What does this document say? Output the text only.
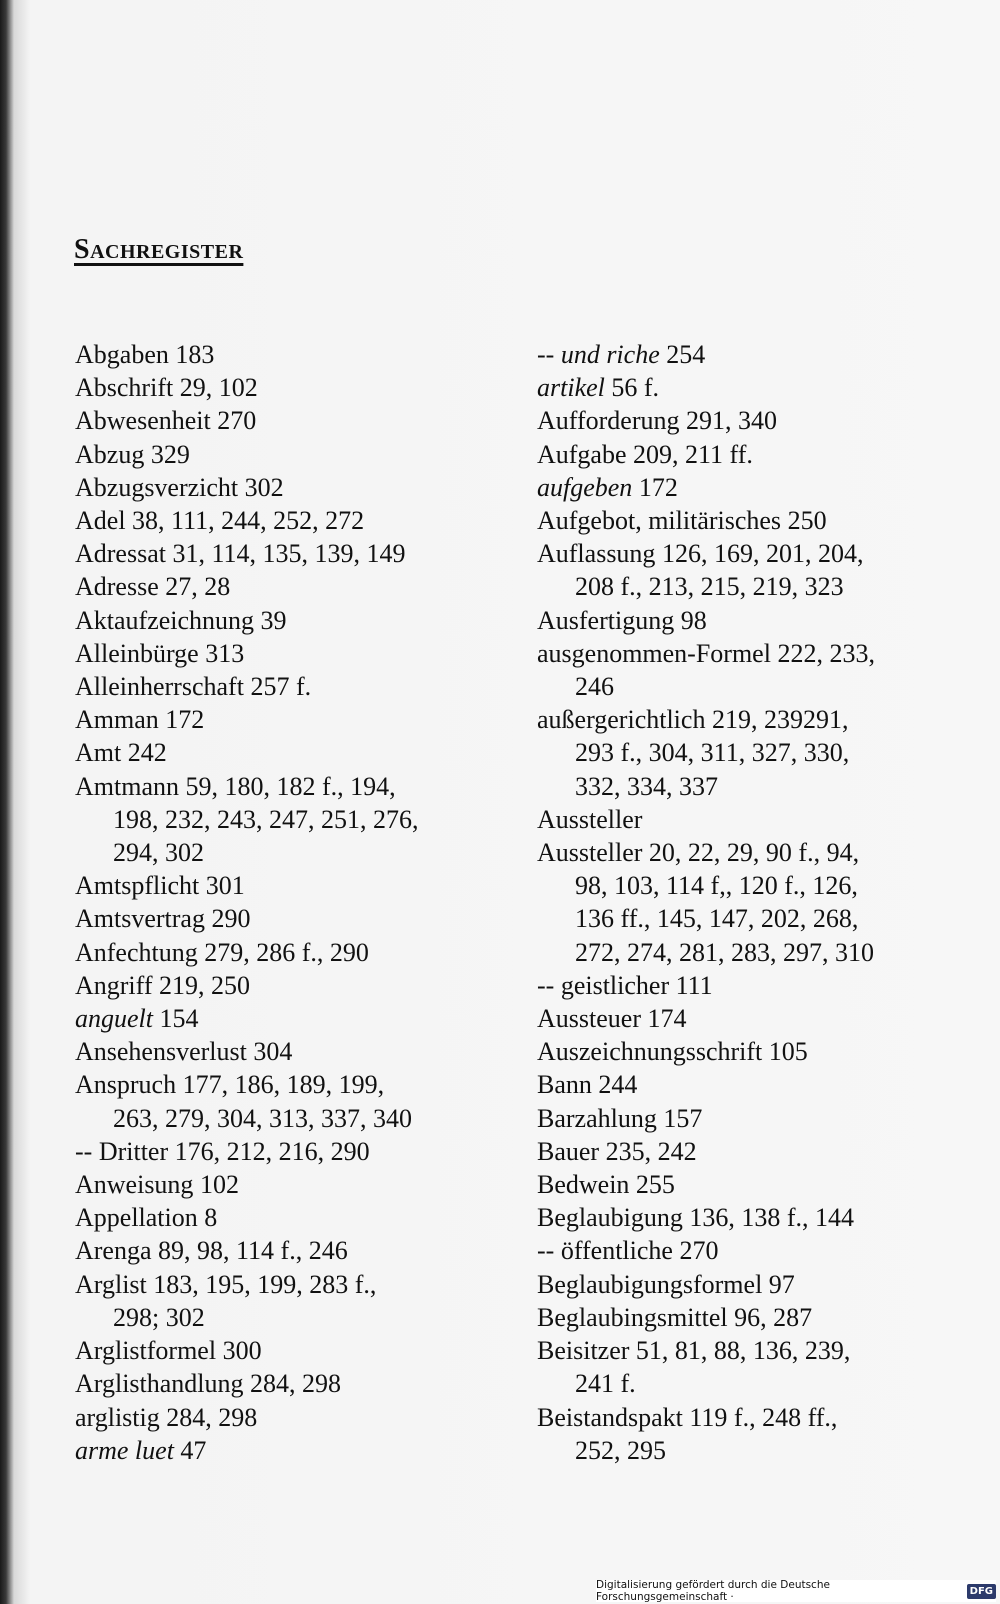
Sachregister
Abgaben 183
Abschrift 29, 102
Abwesenheit 270
Abzug 329
Abzugsverzicht 302
Adel 38, 111, 244, 252, 272
Adressat 31, 114, 135, 139, 149
Adresse 27, 28
Aktaufzeichnung 39
Alleinbürge 313
Alleinherrschaft 257 f.
Amman 172
Amt 242
Amtmann 59, 180, 182 f., 194,
198, 232, 243, 247, 251, 276,
294, 302
Amtspflicht 301
Amtsvertrag 290
Anfechtung 279, 286 f., 290
Angriff 219, 250
anguelt 154
Ansehensverlust 304
Anspruch 177, 186, 189, 199,
263, 279, 304, 313, 337, 340
-- Dritter 176, 212, 216, 290
Anweisung 102
Appellation 8
Arenga 89, 98, 114 f., 246
Arglist 183, 195, 199, 283 f.,
298; 302
Arglistformel 300
Arglisthandlung 284, 298
arglistig 284, 298
arme luet 47
-- und riche 254
artikel 56 f.
Aufforderung 291, 340
Aufgabe 209, 211 ff.
aufgeben 172
Aufgebot, militärisches 250
Auflassung 126, 169, 201, 204,
208 f., 213, 215, 219, 323
Ausfertigung 98
ausgenommen-Formel 222, 233,
246
außergerichtlich 219, 239291,
293 f., 304, 311, 327, 330,
332, 334, 337
Aussteller
Aussteller 20, 22, 29, 90 f., 94,
98, 103, 114 f,, 120 f., 126,
136 ff., 145, 147, 202, 268,
272, 274, 281, 283, 297, 310
-- geistlicher 111
Aussteuer 174
Auszeichnungsschrift 105
Bann 244
Barzahlung 157
Bauer 235, 242
Bedwein 255
Beglaubigung 136, 138 f., 144
-- öffentliche 270
Beglaubigungsformel 97
Beglaubingsmittel 96, 287
Beisitzer 51, 81, 88, 136, 239,
241 f.
Beistandspakt 119 f., 248 ff.,
252, 295
Digitalisierung gefördert durch die Deutsche Forschungsgemeinschaft ·	DFG
